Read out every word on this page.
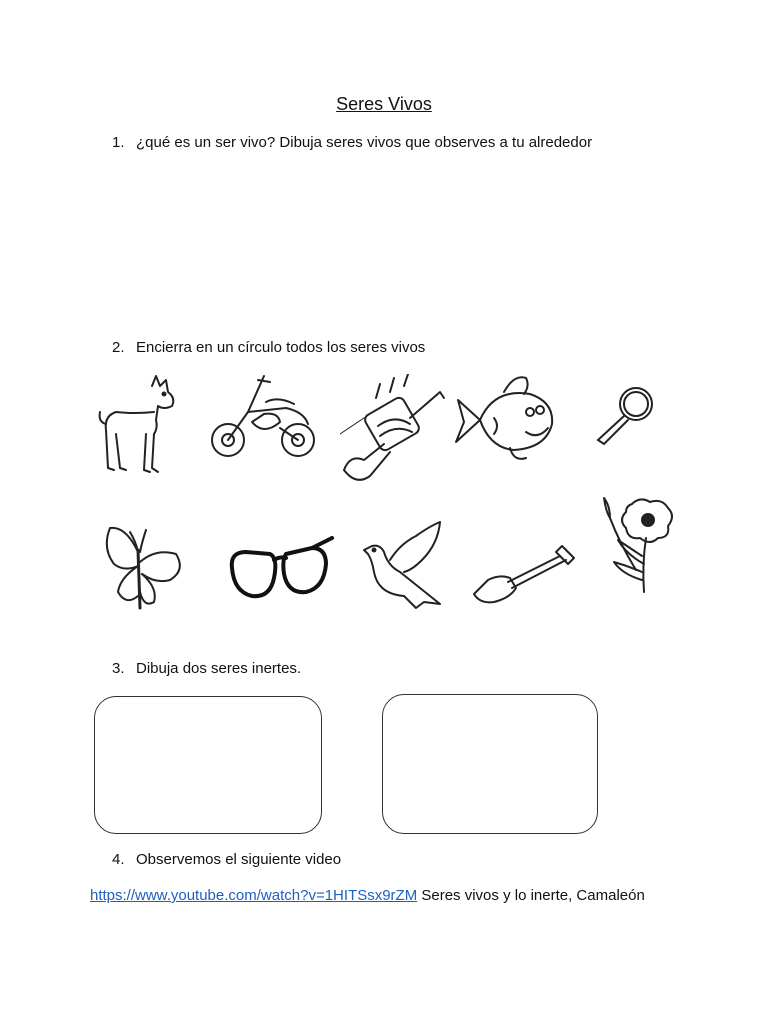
Seres Vivos
1. ¿qué es un ser vivo? Dibuja seres vivos que observes a tu alrededor
2. Encierra en un círculo todos los seres vivos
3. Dibuja dos seres inertes.
4. Observemos el siguiente video
https://www.youtube.com/watch?v=1HITSsx9rZM Seres vivos y lo inerte, Camaleón
